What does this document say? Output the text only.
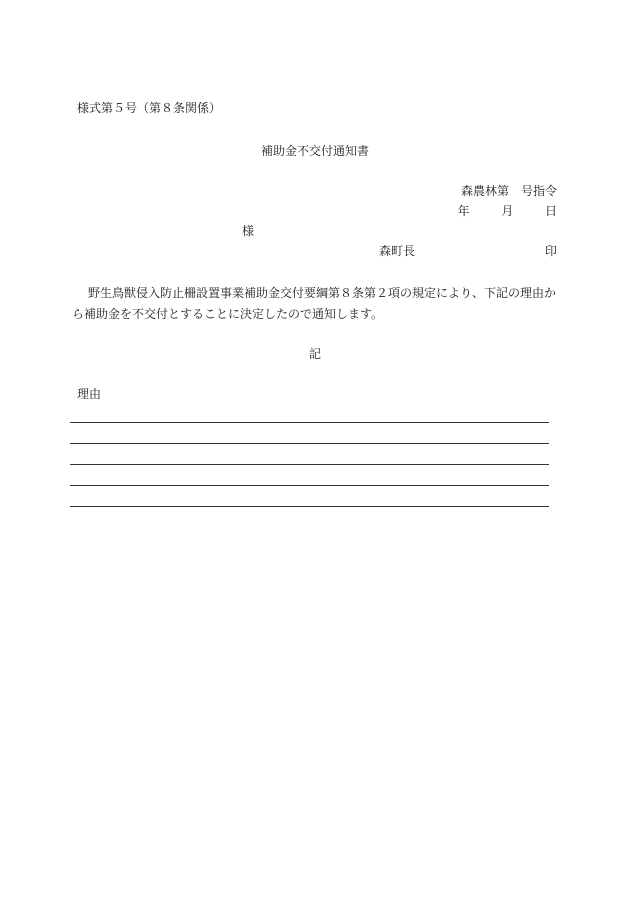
様式第５号（第８条関係）
補助金不交付通知書
森農林第　号指令
年	月	日
様
森町長	印
野生鳥獣侵入防止柵設置事業補助金交付要綱第８条第２項の規定により、下記の理由から補助金を不交付とすることに決定したので通知します。
記
理由
